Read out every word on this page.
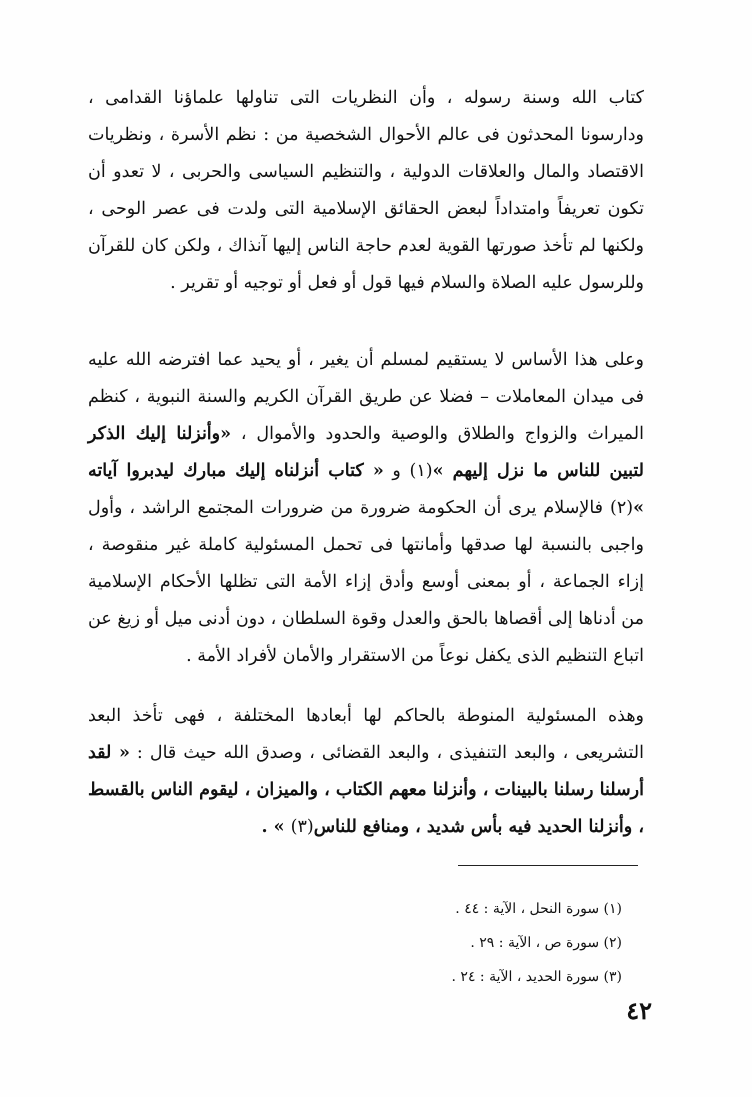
كتاب الله وسنة رسوله ، وأن النظريات التى تناولها علماؤنا القدامى ، ودارسونا المحدثون فى عالم الأحوال الشخصية من : نظم الأسرة ، ونظريات الاقتصاد والمال والعلاقات الدولية ، والتنظيم السياسى والحربى ، لا تعدو أن تكون تعريفاً وامتداداً لبعض الحقائق الإسلامية التى ولدت فى عصر الوحى ، ولكنها لم تأخذ صورتها القوية لعدم حاجة الناس إليها آنذاك ، ولكن كان للقرآن وللرسول عليه الصلاة والسلام فيها قول أو فعل أو توجيه أو تقرير .

وعلى هذا الأساس لا يستقيم لمسلم أن يغير ، أو يحيد عما افترضه الله عليه فى ميدان المعاملات – فضلا عن طريق القرآن الكريم والسنة النبوية ، كنظم الميراث والزواج والطلاق والوصية والحدود والأموال ، «وأنزلنا إليك الذكر لتبين للناس ما نزل إليهم »(١) و « كتاب أنزلناه إليك مبارك ليدبروا آياته »(٢) فالإسلام يرى أن الحكومة ضرورة من ضرورات المجتمع الراشد ، وأول واجبى بالنسبة لها صدقها وأمانتها فى تحمل المسئولية كاملة غير منقوصة ، إزاء الجماعة ، أو بمعنى أوسع وأدق إزاء الأمة التى تظلها الأحكام الإسلامية من أدناها إلى أقصاها بالحق والعدل وقوة السلطان ، دون أدنى ميل أو زيغ عن اتباع التنظيم الذى يكفل نوعاً من الاستقرار والأمان لأفراد الأمة .

وهذه المسئولية المنوطة بالحاكم لها أبعادها المختلفة ، فهى تأخذ البعد التشريعى ، والبعد التنفيذى ، والبعد القضائى ، وصدق الله حيث قال : « لقد أرسلنا رسلنا بالبينات ، وأنزلنا معهم الكتاب ، والميزان ، ليقوم الناس بالقسط ، وأنزلنا الحديد فيه بأس شديد ، ومنافع للناس(٣) » .

(١) سورة النحل ، الآية : ٤٤ .
(٢) سورة ص ، الآية : ٢٩ .
(٣) سورة الحديد ، الآية : ٢٤ .
٤٢
